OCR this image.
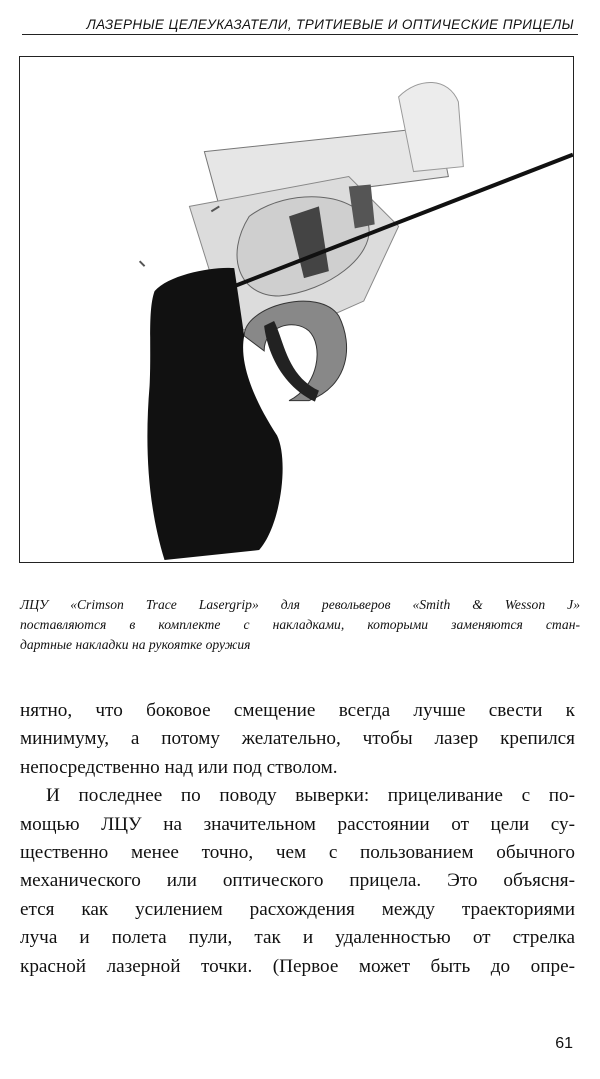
ЛАЗЕРНЫЕ ЦЕЛЕУКАЗАТЕЛИ, ТРИТИЕВЫЕ И ОПТИЧЕСКИЕ ПРИЦЕЛЫ
ЛЦУ «Crimson Trace Lasergrip» для револьверов «Smith & Wesson J»
поставляются в комплекте с накладками, которыми заменяются стан-
дартные накладки на рукоятке оружия
нятно, что боковое смещение всегда лучше свести к
минимуму, а потому желательно, чтобы лазер крепился
непосредственно над или под стволом.
И последнее по поводу выверки: прицеливание с по-
мощью ЛЦУ на значительном расстоянии от цели су-
щественно менее точно, чем с пользованием обычного
механического или оптического прицела. Это объясня-
ется как усилением расхождения между траекториями
луча и полета пули, так и удаленностью от стрелка
красной лазерной точки. (Первое может быть до опре-
61
